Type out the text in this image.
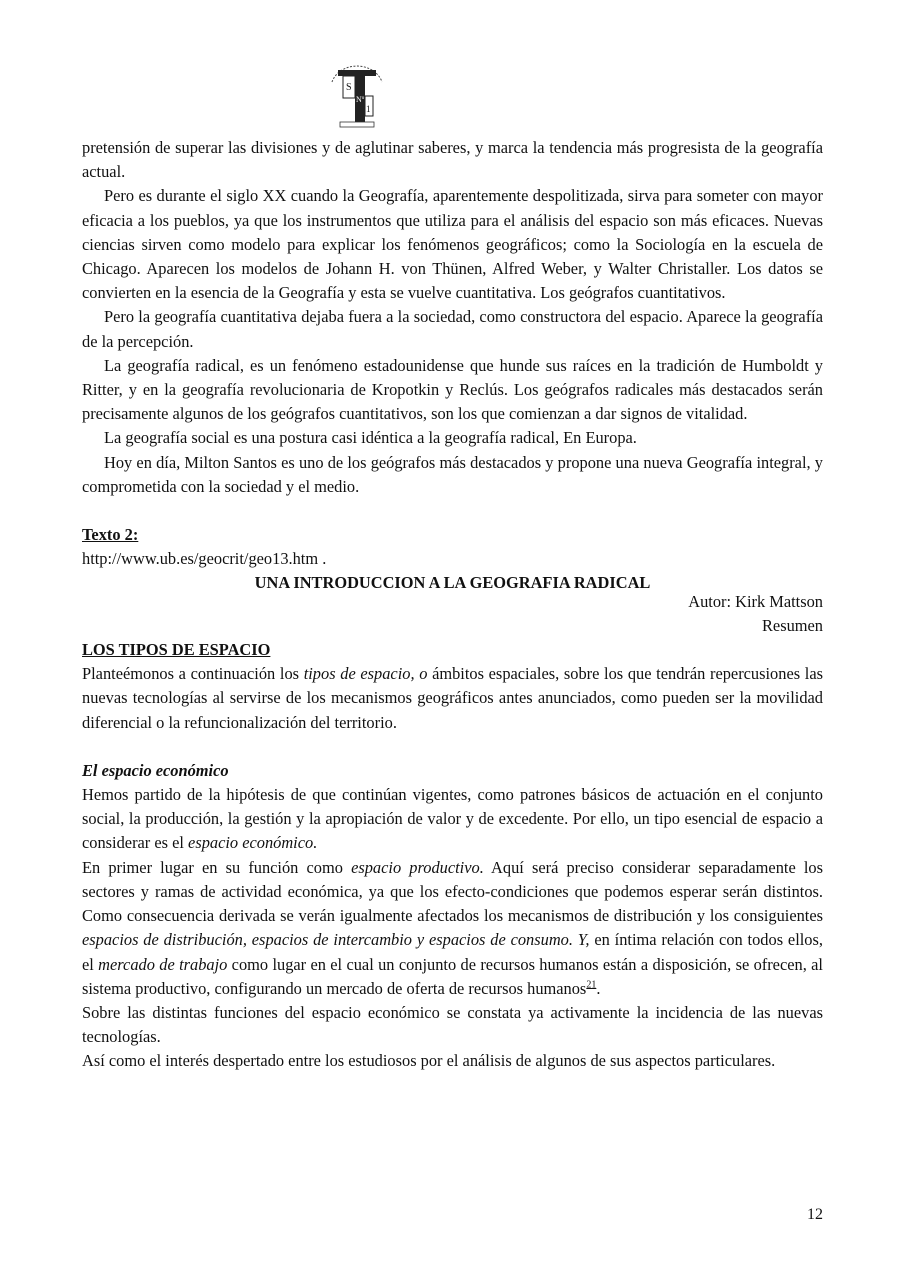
S
Nº
1

pretensión de superar las divisiones y de aglutinar saberes, y marca la tendencia más progresista de la geografía actual.

Pero es durante el siglo XX cuando la Geografía, aparentemente despolitizada, sirva para someter con mayor eficacia a los pueblos, ya que los instrumentos que utiliza para el análisis del espacio son más eficaces. Nuevas ciencias sirven como modelo para explicar los fenómenos geográficos; como la Sociología en la escuela de Chicago. Aparecen los modelos de Johann H. von Thünen, Alfred Weber, y Walter Christaller. Los datos se convierten en la esencia de la Geografía y esta se vuelve cuantitativa. Los geógrafos cuantitativos.

Pero la geografía cuantitativa dejaba fuera a la sociedad, como constructora del espacio. Aparece la geografía de la percepción.

La geografía radical, es un fenómeno estadounidense que hunde sus raíces en la tradición de Humboldt y Ritter, y en la geografía revolucionaria de Kropotkin y Reclús. Los geógrafos radicales más destacados serán precisamente algunos de los geógrafos cuantitativos, son los que comienzan a dar signos de vitalidad.

La geografía social es una postura casi idéntica a la geografía radical, En Europa.

Hoy en día, Milton Santos es uno de los geógrafos más destacados y propone una nueva Geografía integral, y comprometida con la sociedad y el medio.

Texto 2:

http://www.ub.es/geocrit/geo13.htm .

UNA INTRODUCCION A LA GEOGRAFIA RADICAL

Autor: Kirk Mattson

Resumen

LOS TIPOS DE ESPACIO

Planteémonos a continuación los tipos de espacio, o ámbitos espaciales, sobre los que tendrán repercusiones las nuevas tecnologías al servirse de los mecanismos geográficos antes anunciados, como pueden ser la movilidad diferencial o la refuncionalización del territorio.

El espacio económico

Hemos partido de la hipótesis de que continúan vigentes, como patrones básicos de actuación en el conjunto social, la producción, la gestión y la apropiación de valor y de excedente. Por ello, un tipo esencial de espacio a considerar es el espacio económico.

En primer lugar en su función como espacio productivo. Aquí será preciso considerar separadamente los sectores y ramas de actividad económica, ya que los efecto-condiciones que podemos esperar serán distintos. Como consecuencia derivada se verán igualmente afectados los mecanismos de distribución y los consiguientes espacios de distribución, espacios de intercambio y espacios de consumo. Y, en íntima relación con todos ellos, el mercado de trabajo como lugar en el cual un conjunto de recursos humanos están a disposición, se ofrecen, al sistema productivo, configurando un mercado de oferta de recursos humanos$^{21}$.

Sobre las distintas funciones del espacio económico se constata ya activamente la incidencia de las nuevas tecnologías.

Así como el interés despertado entre los estudiosos por el análisis de algunos de sus aspectos particulares.

12
